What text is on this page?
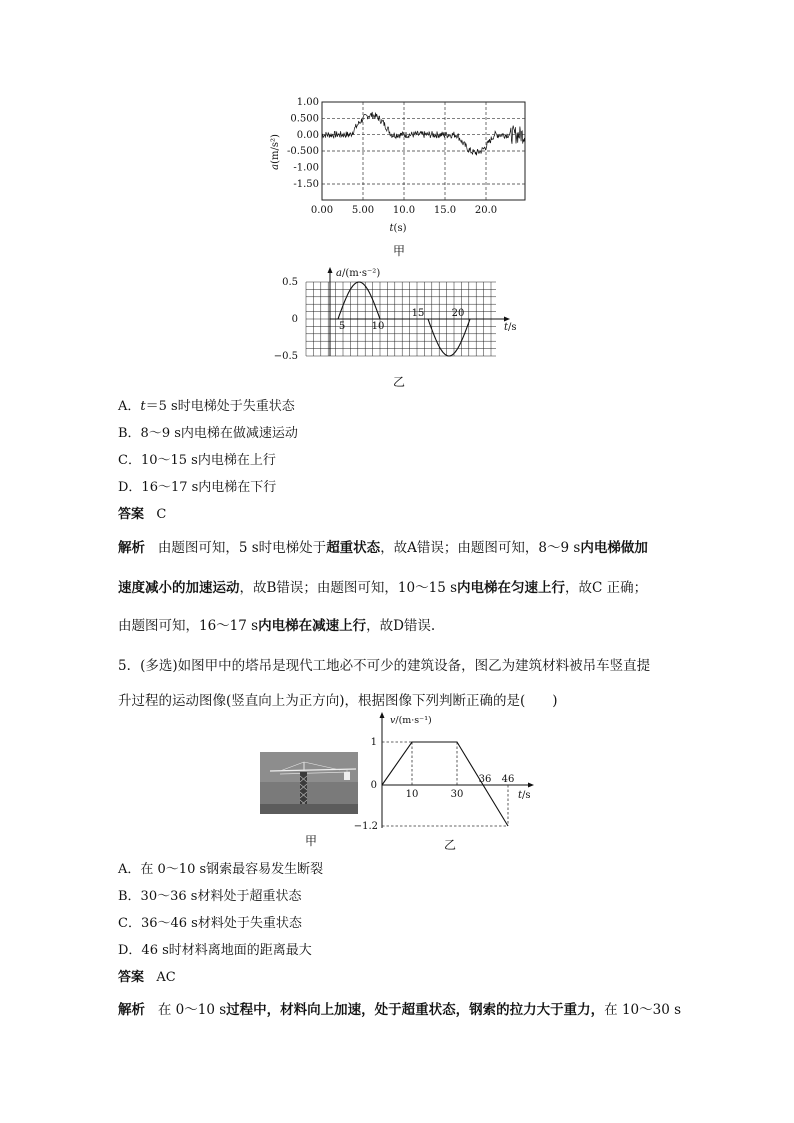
1.00
0.500
0.00
-0.500
-1.00
-1.50
0.00 5.00 10.0 15.0 20.0
a(m/s²)
t(s)
甲
a/(m·s⁻²)
0.5
0
−0.5
5	10
15	20
t/s
乙
A．t＝5 s时电梯处于失重状态
B．8～9 s内电梯在做减速运动
C．10～15 s内电梯在上行
D．16～17 s内电梯在下行
答案 C
解析 由题图可知，5 s时电梯处于超重状态，故A错误；由题图可知，8～9 s内电梯做加
速度减小的加速运动，故B错误；由题图可知，10～15 s内电梯在匀速上行，故C 正确；
由题图可知，16～17 s内电梯在减速上行，故D错误.
5．(多选)如图甲中的塔吊是现代工地必不可少的建筑设备，图乙为建筑材料被吊车竖直提
升过程的运动图像(竖直向上为正方向)，根据图像下列判断正确的是(　　)
甲
v/(m·s⁻¹)
1
0
−1.2
10	30
36 46
t/s
乙
A．在 0～10 s钢索最容易发生断裂
B．30～36 s材料处于超重状态
C．36～46 s材料处于失重状态
D．46 s时材料离地面的距离最大
答案 AC
解析 在 0～10 s过程中，材料向上加速，处于超重状态，钢索的拉力大于重力，在 10～30 s
